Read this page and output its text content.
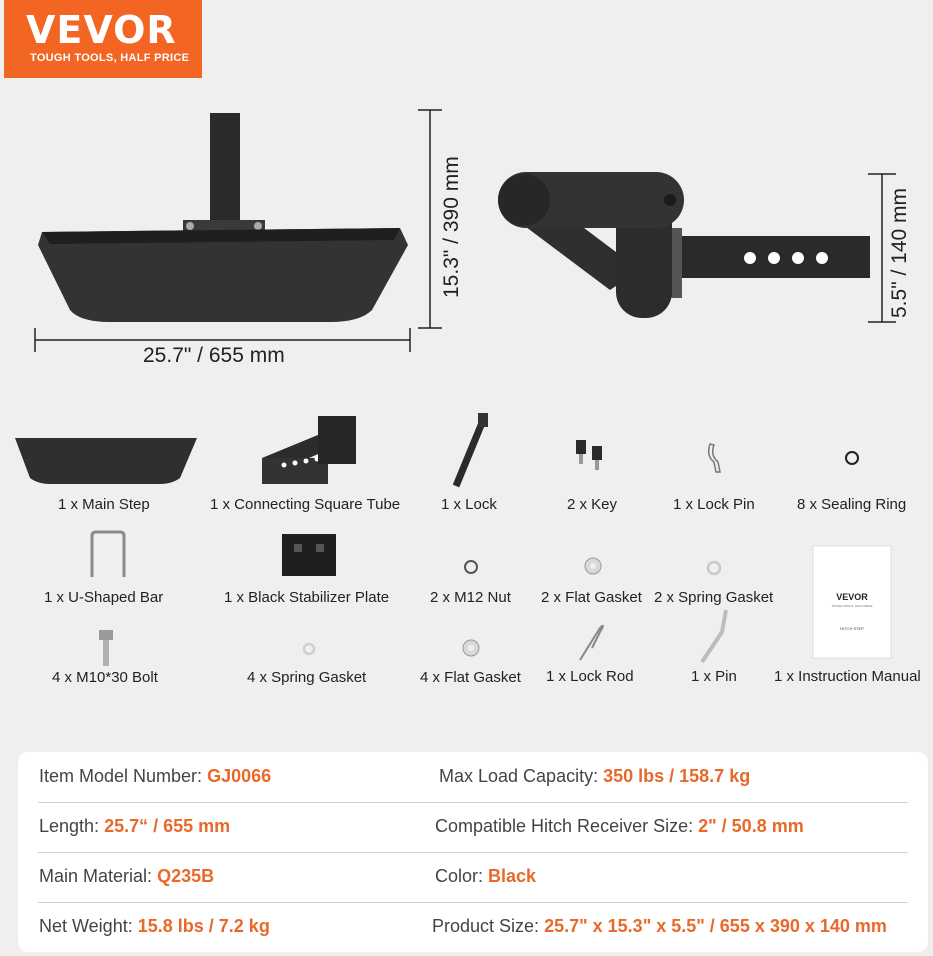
VEVOR
TOUGH TOOLS, HALF PRICE
25.7" / 655 mm
15.3" / 390 mm	5.5" / 140 mm
VEVOR
TOUGH TOOLS, HALF PRICE
HITCH STEP
1 x Main Step	1 x Connecting Square Tube	1 x Lock	2 x Key	1 x Lock Pin	8 x Sealing Ring
1 x U-Shaped Bar	1 x Black Stabilizer Plate	2 x M12 Nut 2 x Flat Gasket 2 x Spring Gasket
4 x M10*30 Bolt	4 x Spring Gasket	4 x Flat Gasket 1 x Lock Rod	1 x Pin 1 x Instruction Manual
Item Model Number: GJ0066	Max Load Capacity: 350 lbs / 158.7 kg
Length: 25.7“ / 655 mm	Compatible Hitch Receiver Size: 2" / 50.8 mm
Main Material: Q235B	Color: Black
Net Weight: 15.8 lbs / 7.2 kg	Product Size: 25.7" x 15.3" x 5.5" / 655 x 390 x 140 mm
